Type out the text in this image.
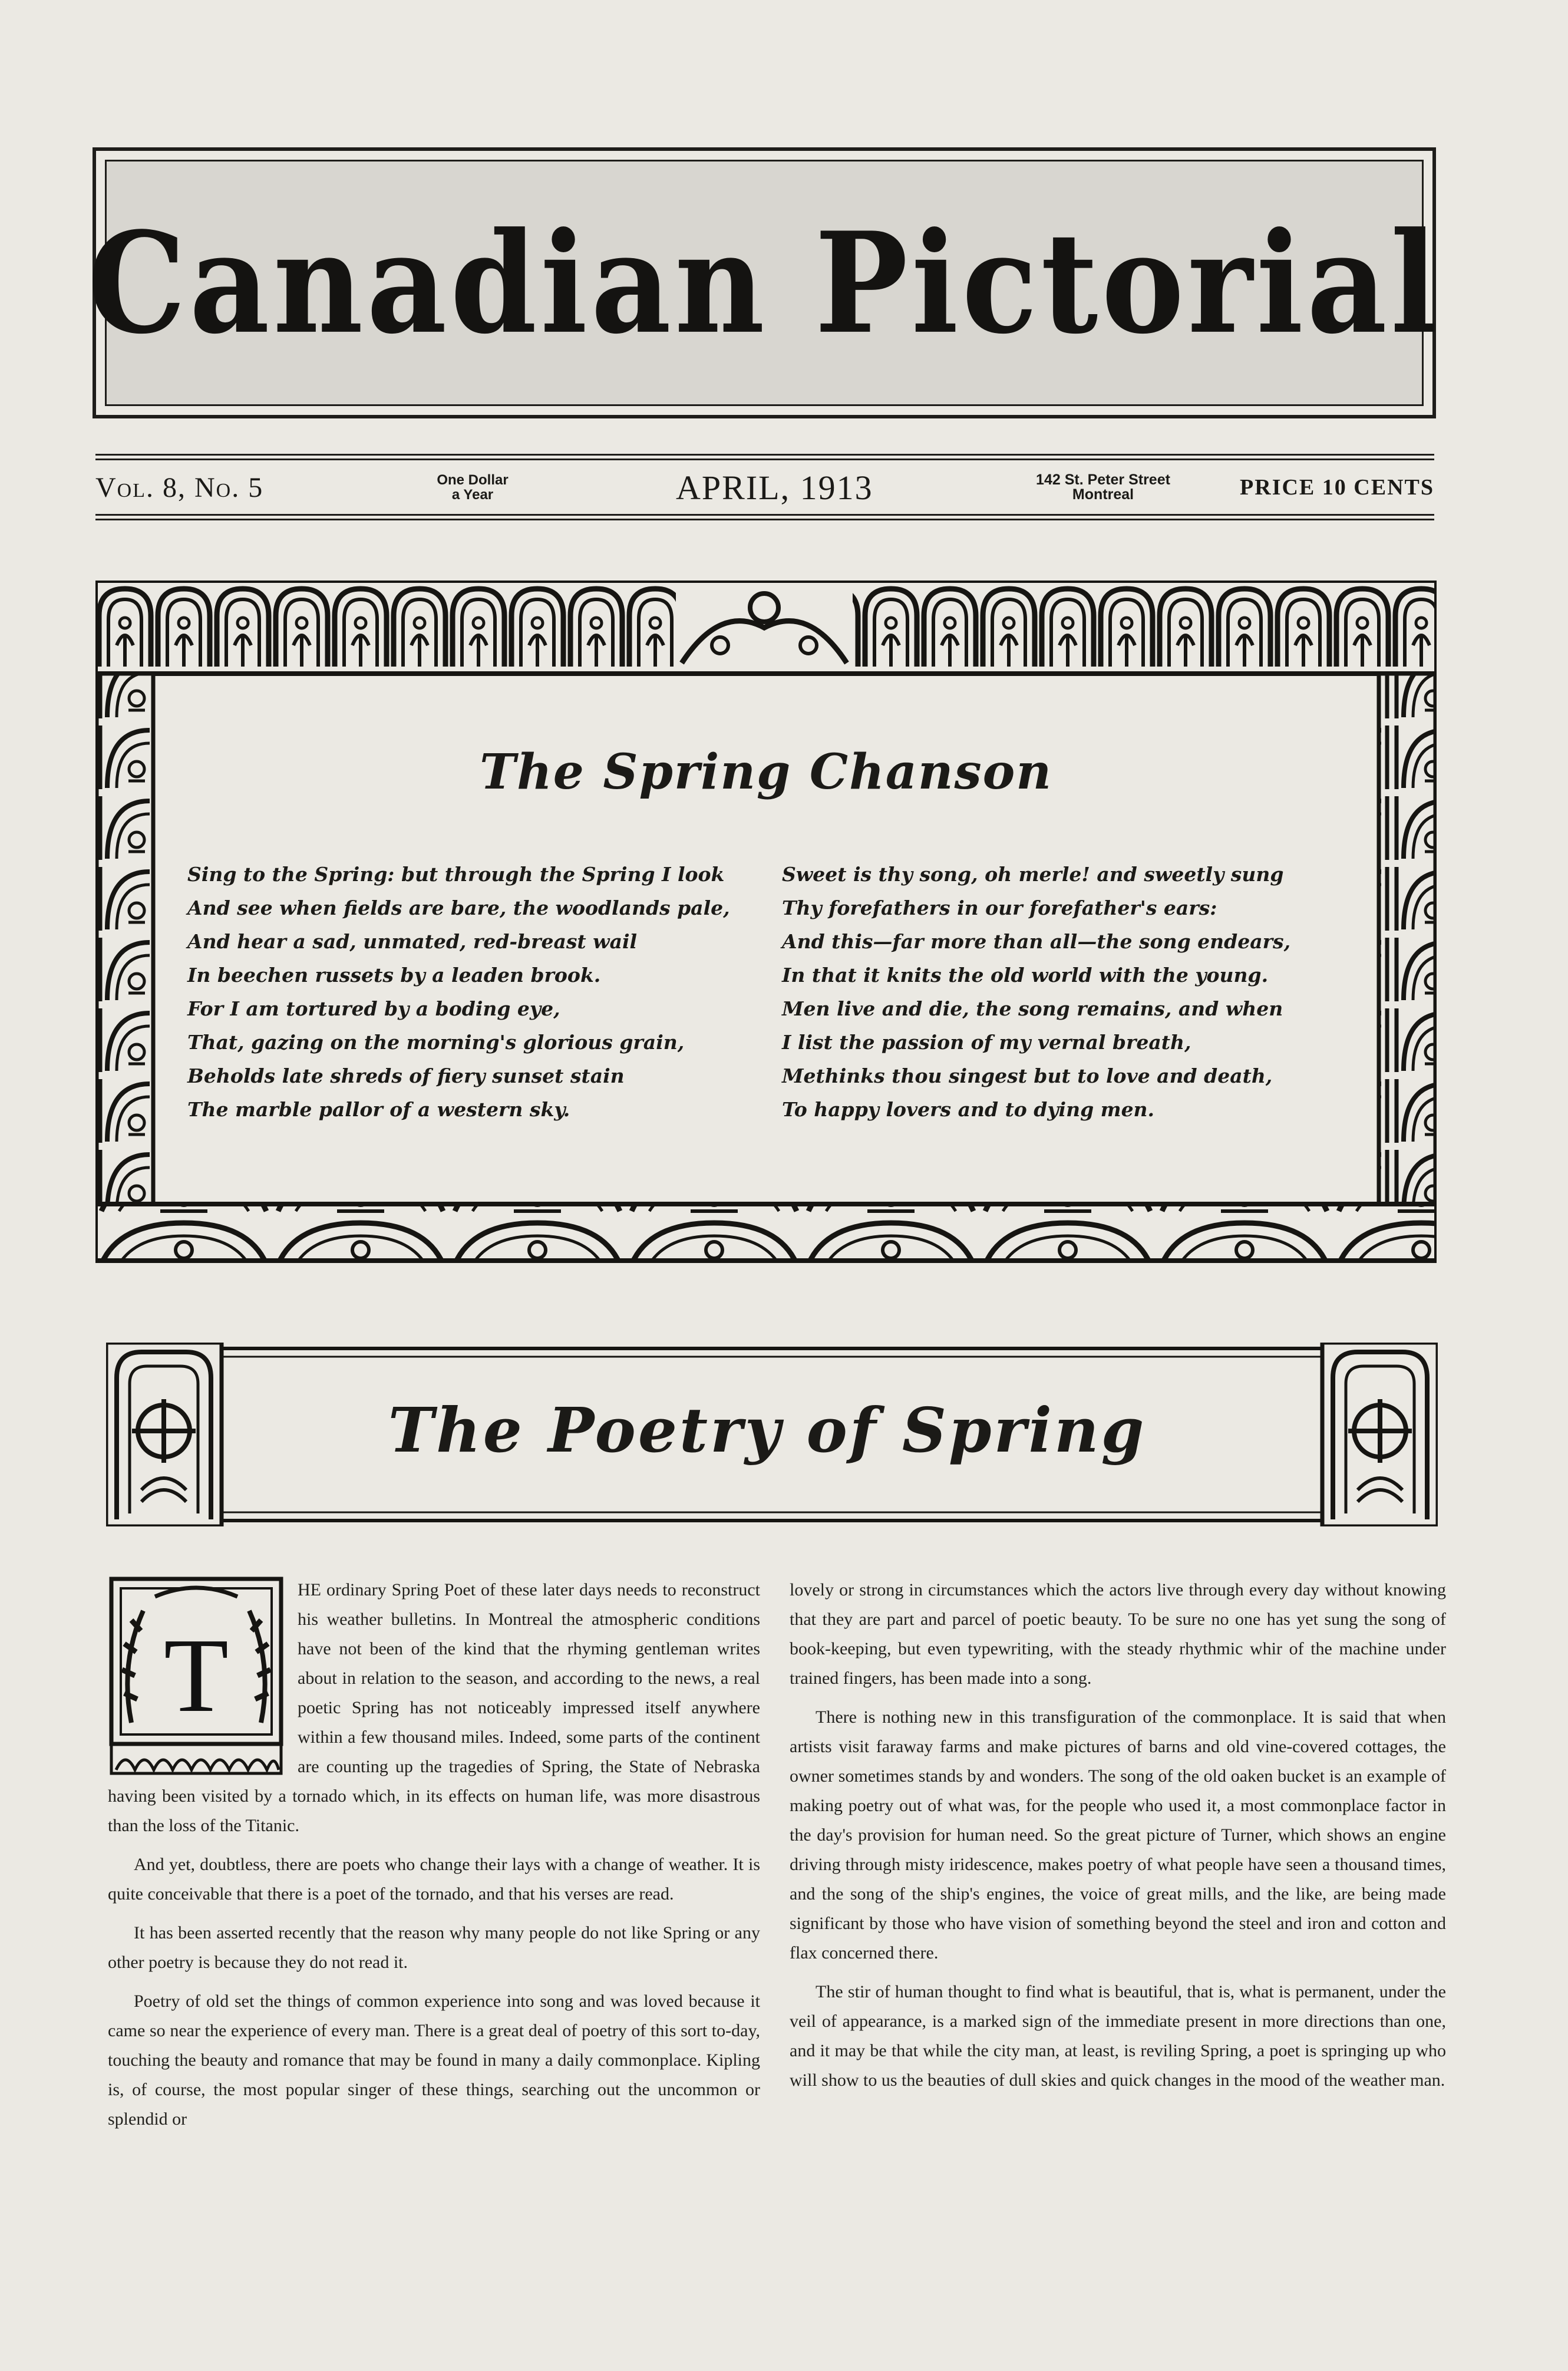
Canadian Pictorial
Vol. 8, No. 5	One Dollar
a Year	APRIL, 1913	142 St. Peter Street
Montreal	PRICE 10 CENTS
The Spring Chanson
Sing to the Spring: but through the Spring I look
And see when fields are bare, the woodlands pale,
And hear a sad, unmated, red-breast wail
In beechen russets by a leaden brook.
For I am tortured by a boding eye,
That, gazing on the morning's glorious grain,
Beholds late shreds of fiery sunset stain
The marble pallor of a western sky.
Sweet is thy song, oh merle! and sweetly sung
Thy forefathers in our forefather's ears:
And this—far more than all—the song endears,
In that it knits the old world with the young.
Men live and die, the song remains, and when
I list the passion of my vernal breath,
Methinks thou singest but to love and death,
To happy lovers and to dying men.
The Poetry of Spring
T

HE ordinary Spring Poet of these later days needs to reconstruct his weather bulletins. In Montreal the atmospheric conditions have not been of the kind that the rhyming gentleman writes about in relation to the season, and according to the news, a real poetic Spring has not noticeably impressed itself anywhere within a few thousand miles. Indeed, some parts of the continent are counting up the tragedies of Spring, the State of Nebraska having been visited by a tornado which, in its effects on human life, was more disastrous than the loss of the Titanic.

And yet, doubtless, there are poets who change their lays with a change of weather. It is quite conceivable that there is a poet of the tornado, and that his verses are read.

It has been asserted recently that the reason why many people do not like Spring or any other poetry is because they do not read it.

Poetry of old set the things of common experience into song and was loved because it came so near the experience of every man. There is a great deal of poetry of this sort to-day, touching the beauty and romance that may be found in many a daily commonplace. Kipling is, of course, the most popular singer of these things, searching out the uncommon or splendid or

lovely or strong in circumstances which the actors live through every day without knowing that they are part and parcel of poetic beauty. To be sure no one has yet sung the song of book-keeping, but even typewriting, with the steady rhythmic whir of the machine under trained fingers, has been made into a song.

There is nothing new in this transfiguration of the commonplace. It is said that when artists visit faraway farms and make pictures of barns and old vine-covered cottages, the owner sometimes stands by and wonders. The song of the old oaken bucket is an example of making poetry out of what was, for the people who used it, a most commonplace factor in the day's provision for human need. So the great picture of Turner, which shows an engine driving through misty iridescence, makes poetry of what people have seen a thousand times, and the song of the ship's engines, the voice of great mills, and the like, are being made significant by those who have vision of something beyond the steel and iron and cotton and flax concerned there.

The stir of human thought to find what is beautiful, that is, what is permanent, under the veil of appearance, is a marked sign of the immediate present in more directions than one, and it may be that while the city man, at least, is reviling Spring, a poet is springing up who will show to us the beauties of dull skies and quick changes in the mood of the weather man.
